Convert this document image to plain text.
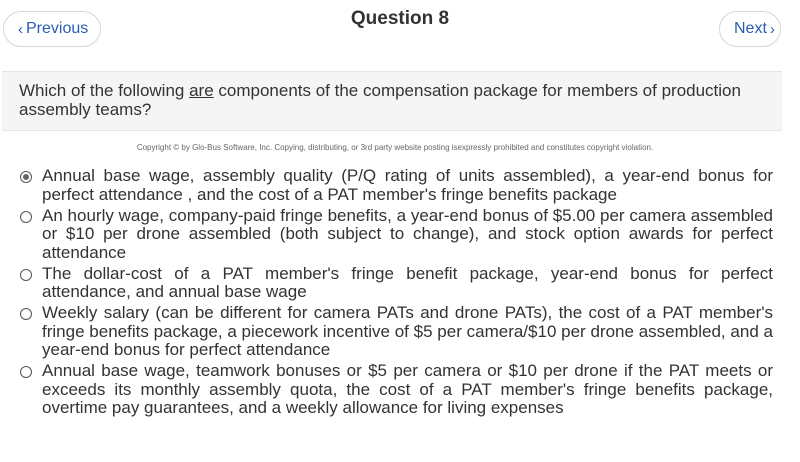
‹ Previous	Question 8	Next ›
Which of the following are components of the compensation package for members of production assembly teams?
Copyright © by Glo-Bus Software, Inc. Copying, distributing, or 3rd party website posting isexpressly prohibited and constitutes copyright violation.
Annual base wage, assembly quality (P/Q rating of units assembled), a year-end bonus for perfect attendance , and the cost of a PAT member's fringe benefits package
An hourly wage, company-paid fringe benefits, a year-end bonus of $5.00 per camera assembled or $10 per drone assembled (both subject to change), and stock option awards for perfect attendance
The dollar-cost of a PAT member's fringe benefit package, year-end bonus for perfect attendance, and annual base wage
Weekly salary (can be different for camera PATs and drone PATs), the cost of a PAT member's fringe benefits package, a piecework incentive of $5 per camera/$10 per drone assembled, and a year-end bonus for perfect attendance
Annual base wage, teamwork bonuses or $5 per camera or $10 per drone if the PAT meets or exceeds its monthly assembly quota, the cost of a PAT member's fringe benefits package, overtime pay guarantees, and a weekly allowance for living expenses
